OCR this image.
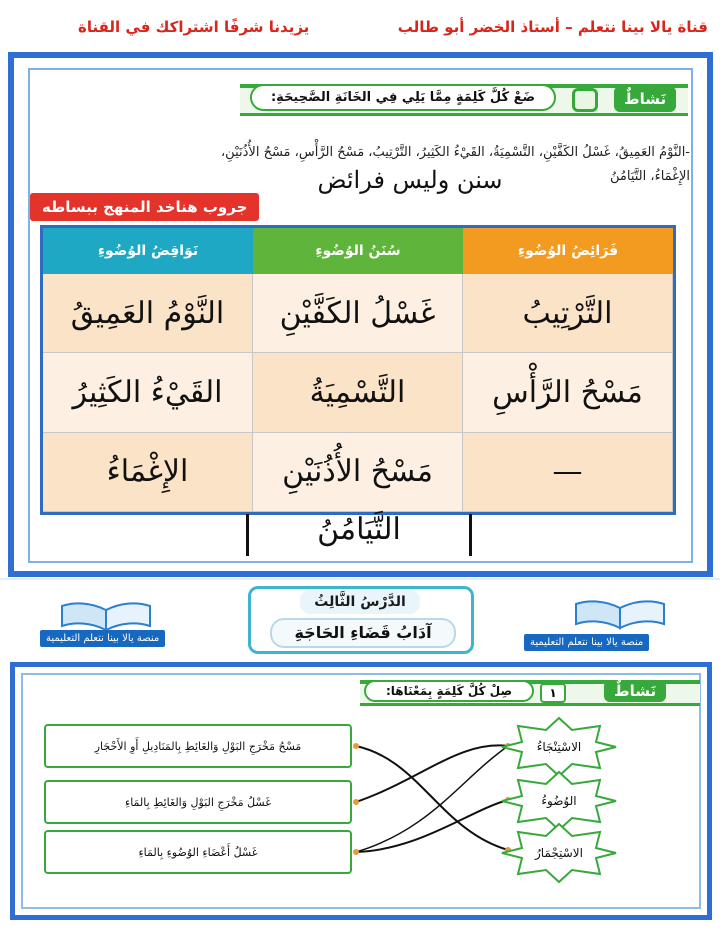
قناة يالا بينا نتعلم – أستاذ الخضر أبو طالب
يزيدنا شرفًا اشتراكك في القناة
نَشاطٌ
ضَعْ كُلَّ كَلِمَةٍ مِمَّا يَلِي فِي الخَانَةِ الصَّحِيحَةِ:
-النَّوْمُ العَمِيقُ، غَسْلُ الكَفَّيْنِ، التَّسْمِيَةُ، القَيْءُ الكَثِيرُ، التَّرْتِيبُ، مَسْحُ الرَّأْسِ، مَسْحُ الأُذُنَيْنِ،
الإِغْمَاءُ، التَّيَامُنُ
سنن وليس فرائض
جروب هناخد المنهج ببساطه
نَوَاقِضُ الوُضُوءِ	سُنَنُ الوُضُوءِ	فَرَائِضُ الوُضُوءِ
النَّوْمُ العَمِيقُ	غَسْلُ الكَفَّيْنِ	التَّرْتِيبُ
القَيْءُ الكَثِيرُ	التَّسْمِيَةُ	مَسْحُ الرَّأْسِ
الإِغْمَاءُ	مَسْحُ الأُذُنَيْنِ	—
التَّيَامُنُ
منصة يالا بينا نتعلم التعليمية	منصة يالا بينا نتعلم التعليمية
الدَّرْسُ الثَّالِثُ
آدَابُ قَضَاءِ الحَاجَةِ
نَشاطٌ
١
صِلْ كُلَّ كَلِمَةٍ بِمَعْنَاهَا:
مَسْحُ مَخْرَجِ البَوْلِ وَالغَائِطِ بِالمَنَادِيلِ أَوِ الأَحْجَارِ
غَسْلُ مَخْرَجِ البَوْلِ وَالغَائِطِ بِالمَاءِ
غَسْلُ أَعْضَاءِ الوُضُوءِ بِالمَاءِ
الاسْتِنْجَاءُ
الوُضُوءُ
الاسْتِجْمَارُ
